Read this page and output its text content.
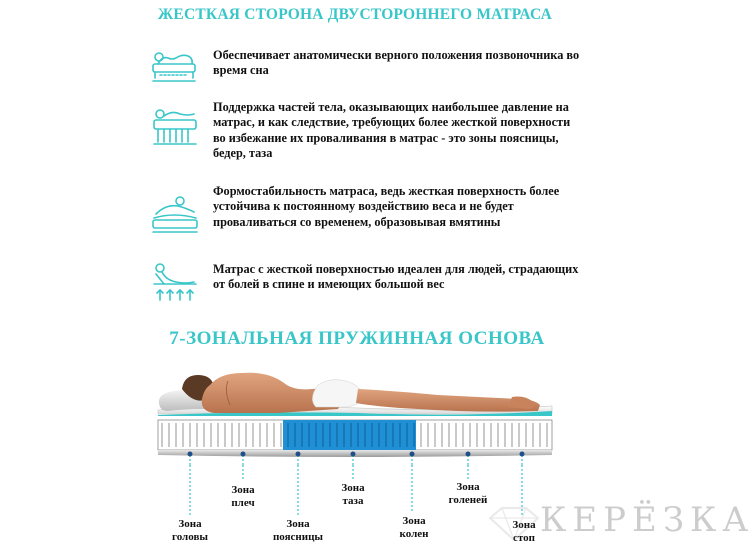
ЖЕСТКАЯ СТОРОНА ДВУСТОРОННЕГО МАТРАСА
Обеспечивает анатомически верного положения позвоночника во время сна
Поддержка частей тела, оказывающих наибольшее давление на матрас, и как следствие, требующих более жесткой поверхности во избежание их проваливания в матрас - это зоны поясницы, бедер, таза
Формостабильность матраса, ведь жесткая поверхность более устойчива к постоянному воздействию веса и не будет проваливаться со временем, образовывая вмятины
Матрас с жесткой поверхностью идеален для людей, страдающих от болей в спине и имеющих большой вес
7-ЗОНАЛЬНАЯ ПРУЖИННАЯ ОСНОВА
Зона
головы
Зона
плеч
Зона
поясницы
Зона
таза
Зона
колен
Зона
голеней
Зона
стоп КЕРЁЗКА
